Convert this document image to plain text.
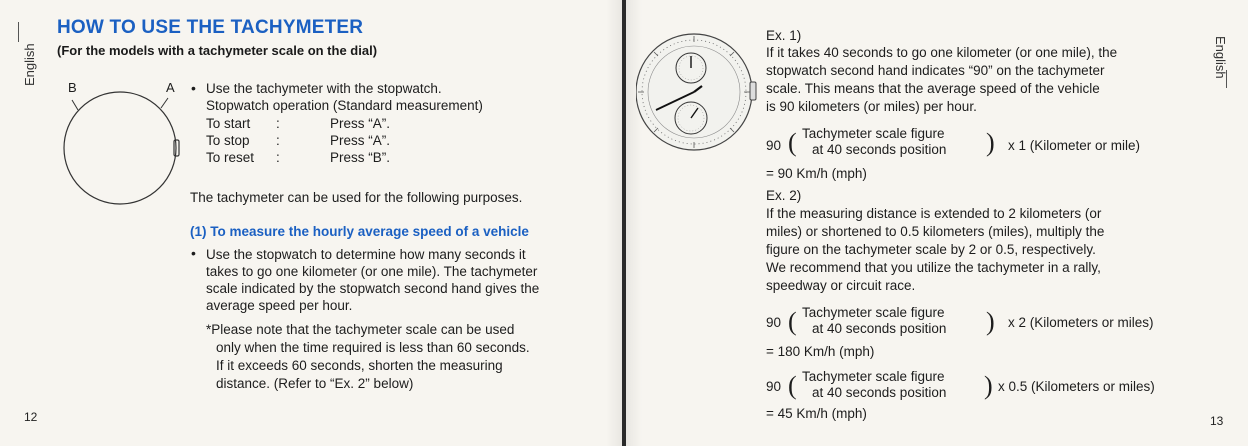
English
HOW TO USE THE TACHYMETER
(For the models with a tachymeter scale on the dial)
B	A • Use the tachymeter with the stopwatch.
Stopwatch operation (Standard measurement)
To start :	Press “A”.
To stop :	Press “A”.
To reset :	Press “B”.
The tachymeter can be used for the following purposes.
(1) To measure the hourly average speed of a vehicle
• Use the stopwatch to determine how many seconds it
takes to go one kilometer (or one mile). The tachymeter
scale indicated by the stopwatch second hand gives the
average speed per hour.
*Please note that the tachymeter scale can be used
only when the time required is less than 60 seconds.
If it exceeds 60 seconds, shorten the measuring
distance. (Refer to “Ex. 2” below)
12
Ex. 1)
If it takes 40 seconds to go one kilometer (or one mile), the
stopwatch second hand indicates “90” on the tachymeter
scale. This means that the average speed of the vehicle
is 90 kilometers (or miles) per hour.
90 ( Tachymeter scale figure
at 40 seconds position ) x 1 (Kilometer or mile)
= 90 Km/h (mph)
Ex. 2)
If the measuring distance is extended to 2 kilometers (or
miles) or shortened to 0.5 kilometers (miles), multiply the
figure on the tachymeter scale by 2 or 0.5, respectively.
We recommend that you utilize the tachymeter in a rally,
speedway or circuit race.
90 ( Tachymeter scale figure
at 40 seconds position ) x 2 (Kilometers or miles)
= 180 Km/h (mph)
90 ( Tachymeter scale figure
at 40 seconds position ) x 0.5 (Kilometers or miles)
= 45 Km/h (mph)
English
13
